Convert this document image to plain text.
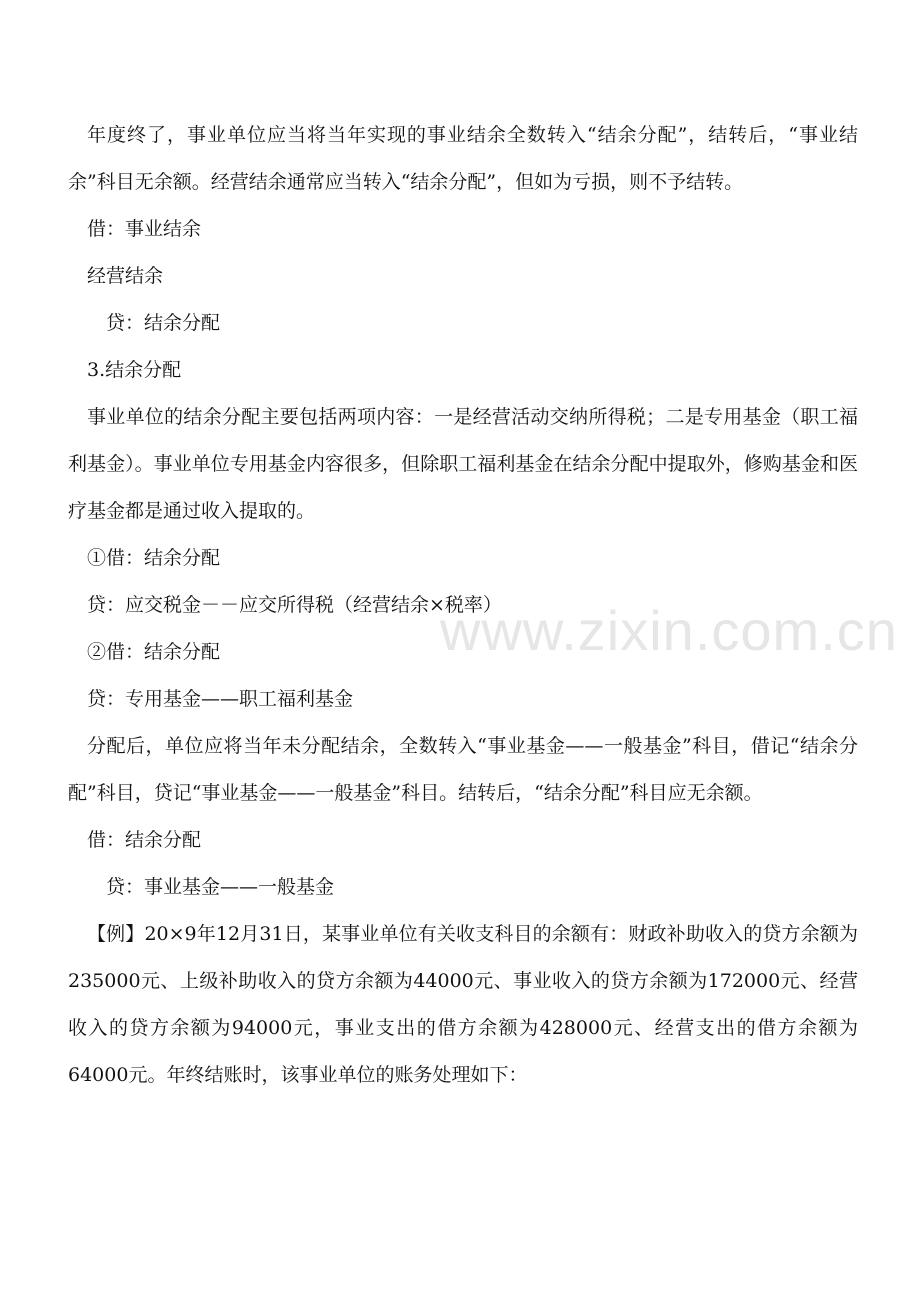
www.zixin.com.cn

年度终了，事业单位应当将当年实现的事业结余全数转入“结余分配”，结转后，“事业结余”科目无余额。经营结余通常应当转入“结余分配”，但如为亏损，则不予结转。

借：事业结余

经营结余

贷：结余分配

3.结余分配

事业单位的结余分配主要包括两项内容：一是经营活动交纳所得税；二是专用基金（职工福利基金）。事业单位专用基金内容很多，但除职工福利基金在结余分配中提取外，修购基金和医疗基金都是通过收入提取的。

①借：结余分配

贷：应交税金－－应交所得税（经营结余×税率）

②借：结余分配

贷：专用基金——职工福利基金

分配后，单位应将当年未分配结余，全数转入“事业基金——一般基金”科目，借记“结余分配”科目，贷记“事业基金——一般基金”科目。结转后，“结余分配”科目应无余额。

借：结余分配

贷：事业基金——一般基金

【例】20×9年12月31日，某事业单位有关收支科目的余额有：财政补助收入的贷方余额为235000元、上级补助收入的贷方余额为44000元、事业收入的贷方余额为172000元、经营收入的贷方余额为94000元，事业支出的借方余额为428000元、经营支出的借方余额为64000元。年终结账时，该事业单位的账务处理如下：
